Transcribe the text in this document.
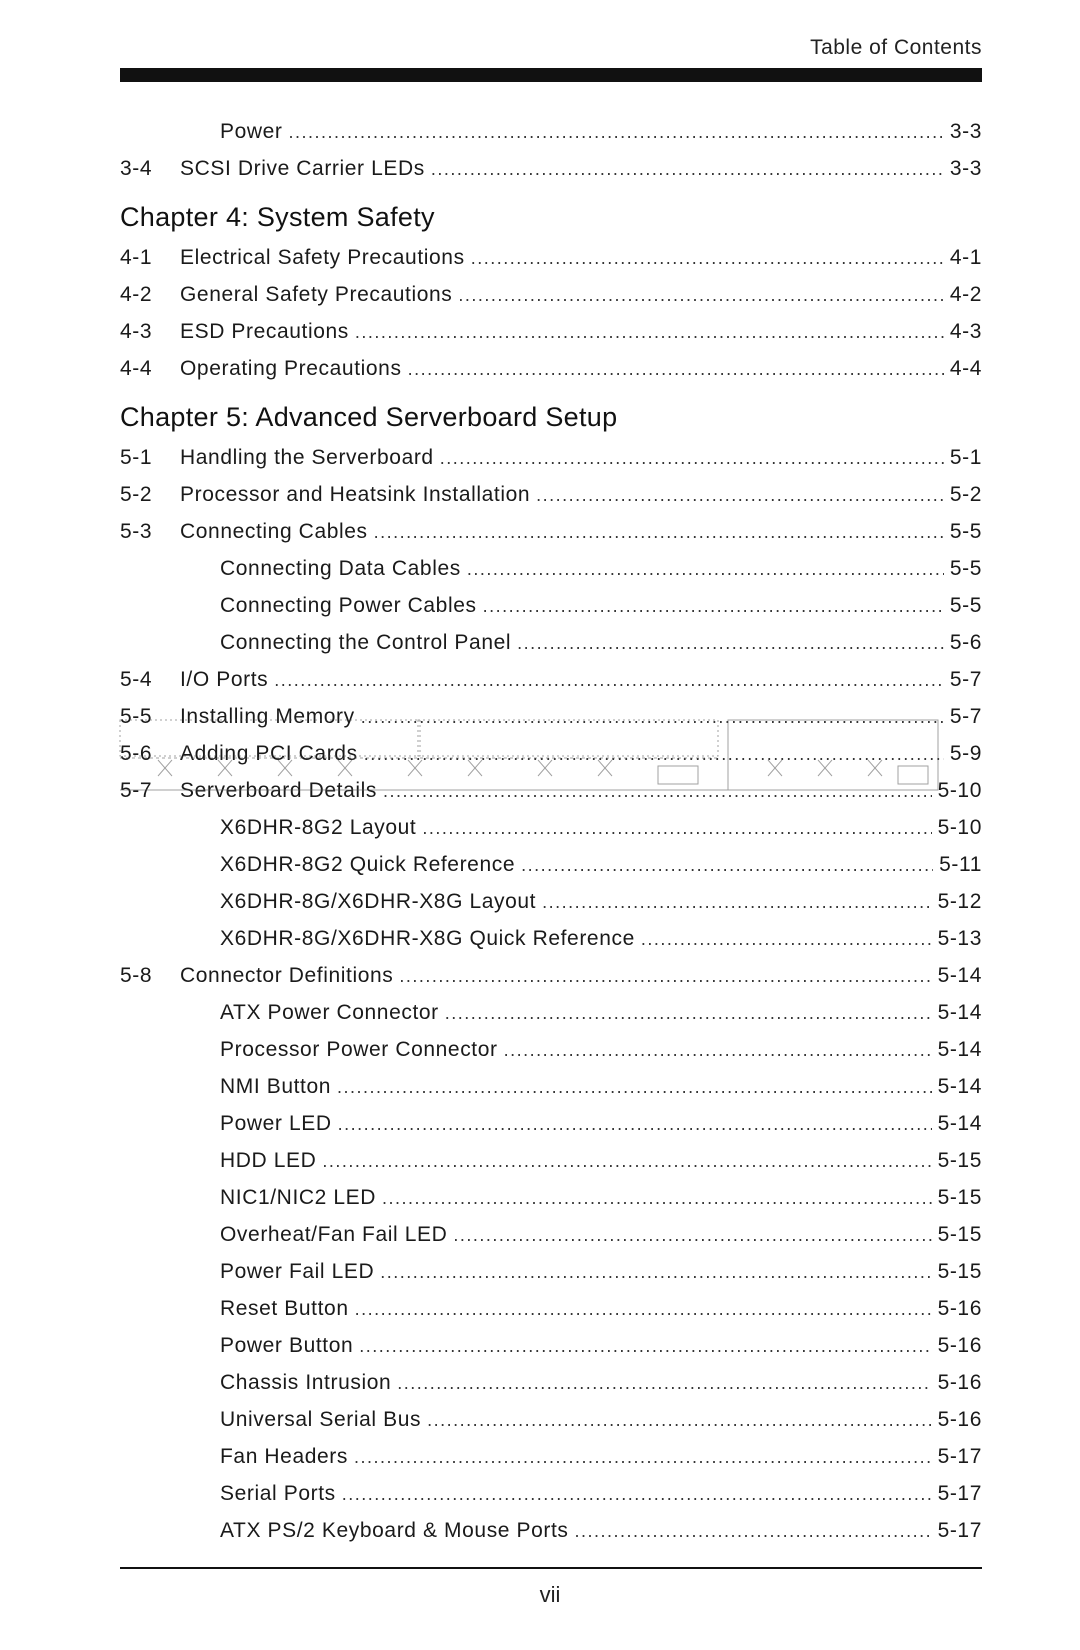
Table of Contents
Power .....	3-3
3-4	SCSI Drive Carrier LEDs .....	3-3
Chapter 4: System Safety
4-1	Electrical Safety Precautions .....	4-1
4-2	General Safety Precautions .....	4-2
4-3	ESD Precautions .....	4-3
4-4	Operating Precautions .....	4-4
Chapter 5: Advanced Serverboard Setup
5-1	Handling the Serverboard .....	5-1
5-2	Processor and Heatsink Installation .....	5-2
5-3	Connecting Cables .....	5-5
Connecting Data Cables .....	5-5
Connecting Power Cables .....	5-5
Connecting the Control Panel .....	5-6
5-4	I/O Ports .....	5-7
5-5	Installing Memory .....	5-7
5-6	Adding PCI Cards .....	5-9
5-7	Serverboard Details .....	5-10
X6DHR-8G2 Layout .....	5-10
X6DHR-8G2 Quick Reference .....	5-11
X6DHR-8G/X6DHR-X8G Layout .....	5-12
X6DHR-8G/X6DHR-X8G Quick Reference .....	5-13
5-8	Connector Definitions .....	5-14
ATX Power Connector .....	5-14
Processor Power Connector .....	5-14
NMI Button .....	5-14
Power LED .....	5-14
HDD LED .....	5-15
NIC1/NIC2 LED .....	5-15
Overheat/Fan Fail LED .....	5-15
Power Fail LED .....	5-15
Reset Button .....	5-16
Power Button .....	5-16
Chassis Intrusion .....	5-16
Universal Serial Bus .....	5-16
Fan Headers .....	5-17
Serial Ports .....	5-17
ATX PS/2 Keyboard & Mouse Ports .....	5-17
vii
